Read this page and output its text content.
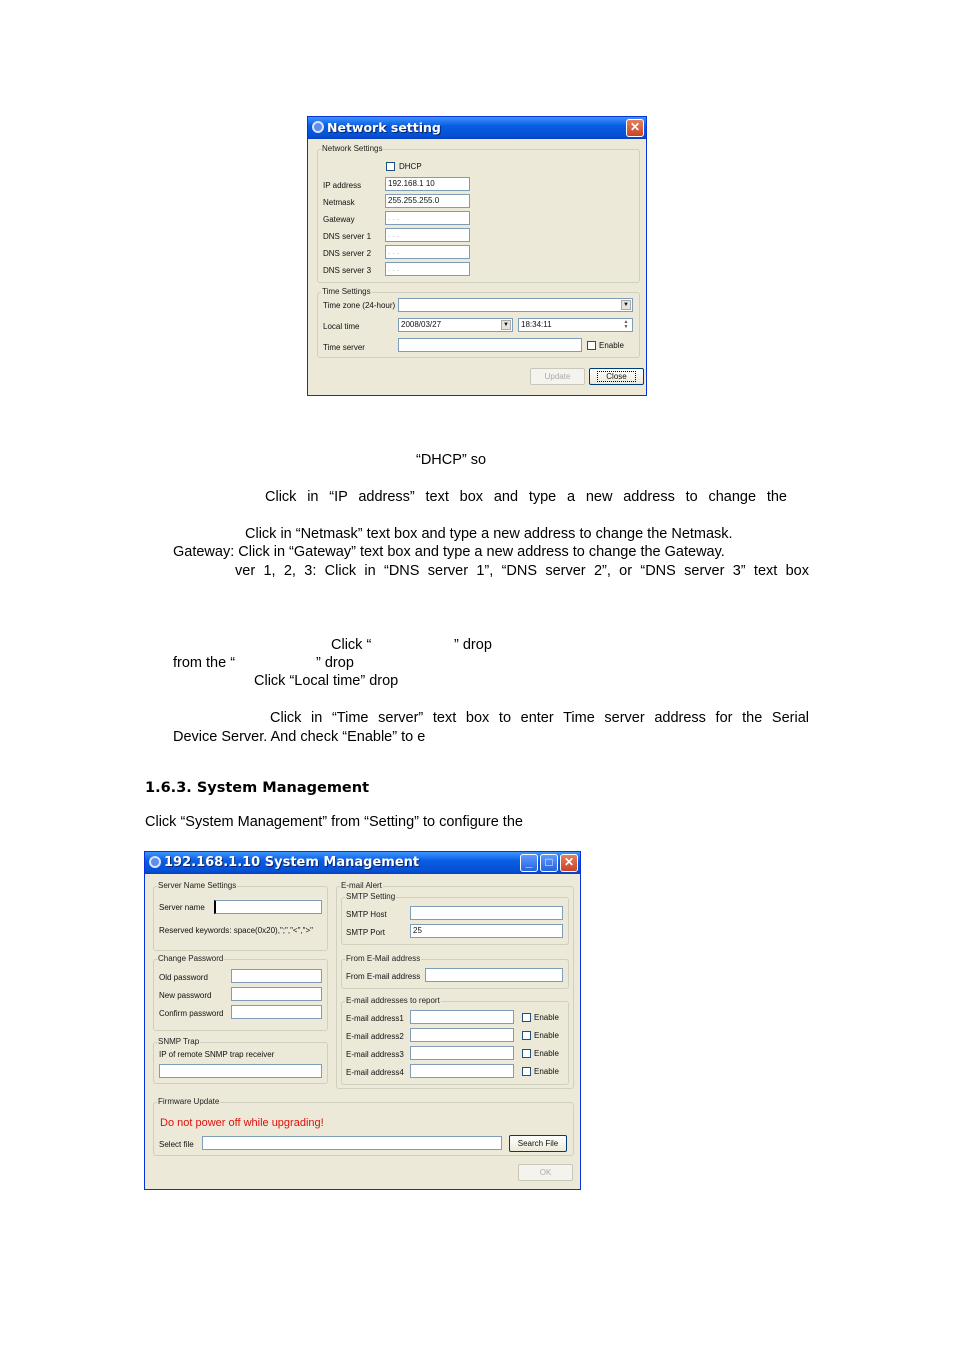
Network setting	✕
Network Settings
DHCP
IP address	192.168.1 10
Netmask	255.255.255.0
Gateway	. . .
DNS server 1	. . .
DNS server 2	. . .
DNS server 3	. . .
Time Settings
Time zone (24-hour)	▼
Local time	2008/03/27	▼	18:34:11	▲
▼
Time server	Enable
Update	Close
“DHCP” so
Click in “IP address” text box and type a new address to change the
Click in “Netmask” text box and type a new address to change the Netmask.
Gateway: Click in “Gateway” text box and type a new address to change the Gateway.
ver 1, 2, 3: Click in “DNS server 1”, “DNS server 2”, or “DNS server 3” text box
Click “	” drop
from the “	” drop
Click “Local time” drop
Click in “Time server” text box to enter Time server address for the Serial
Device Server. And check “Enable” to e
1.6.3. System Management
Click “System Management” from “Setting” to configure the
192.168.1.10 System Management	_	□ ✕
Server Name Settings
Server name
Reserved keywords: space(0x20),";","<",">"
Change Password
Old password
New password
Confirm password
SNMP Trap
IP of remote SNMP trap receiver
E-mail Alert
SMTP Setting
SMTP Host
SMTP Port	25
From E-Mail address
From E-mail address
E-mail addresses to report
E-mail address1	Enable
E-mail address2	Enable
E-mail address3	Enable
E-mail address4	Enable
Firmware Update
Do not power off while upgrading!
Select file	Search File
OK
